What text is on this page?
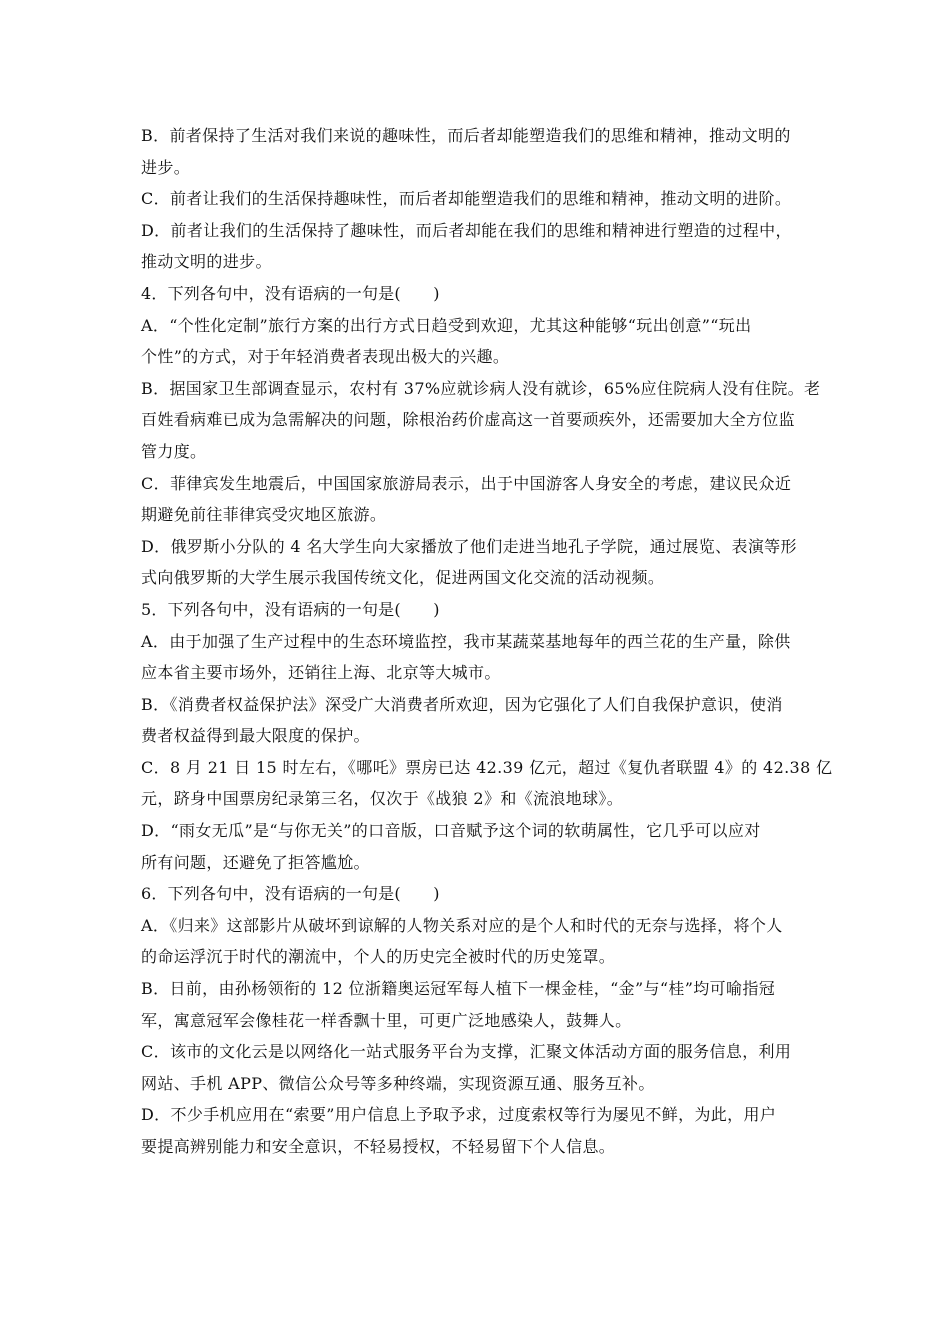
B．前者保持了生活对我们来说的趣味性，而后者却能塑造我们的思维和精神，推动文明的
进步。
C．前者让我们的生活保持趣味性，而后者却能塑造我们的思维和精神，推动文明的进阶。
D．前者让我们的生活保持了趣味性，而后者却能在我们的思维和精神进行塑造的过程中，
推动文明的进步。
4．下列各句中，没有语病的一句是(　　)
A．“个性化定制”旅行方案的出行方式日趋受到欢迎，尤其这种能够“玩出创意”“玩出
个性”的方式，对于年轻消费者表现出极大的兴趣。
B．据国家卫生部调查显示，农村有 37%应就诊病人没有就诊，65%应住院病人没有住院。老
百姓看病难已成为急需解决的问题，除根治药价虚高这一首要顽疾外，还需要加大全方位监
管力度。
C．菲律宾发生地震后，中国国家旅游局表示，出于中国游客人身安全的考虑，建议民众近
期避免前往菲律宾受灾地区旅游。
D．俄罗斯小分队的 4 名大学生向大家播放了他们走进当地孔子学院，通过展览、表演等形
式向俄罗斯的大学生展示我国传统文化，促进两国文化交流的活动视频。
5．下列各句中，没有语病的一句是(　　)
A．由于加强了生产过程中的生态环境监控，我市某蔬菜基地每年的西兰花的生产量，除供
应本省主要市场外，还销往上海、北京等大城市。
B．《消费者权益保护法》深受广大消费者所欢迎，因为它强化了人们自我保护意识，使消
费者权益得到最大限度的保护。
C．8 月 21 日 15 时左右，《哪吒》票房已达 42.39 亿元，超过《复仇者联盟 4》的 42.38 亿
元，跻身中国票房纪录第三名，仅次于《战狼 2》和《流浪地球》。
D．“雨女无瓜”是“与你无关”的口音版，口音赋予这个词的软萌属性，它几乎可以应对
所有问题，还避免了拒答尴尬。
6．下列各句中，没有语病的一句是(　　)
A．《归来》这部影片从破坏到谅解的人物关系对应的是个人和时代的无奈与选择，将个人
的命运浮沉于时代的潮流中，个人的历史完全被时代的历史笼罩。
B．日前，由孙杨领衔的 12 位浙籍奥运冠军每人植下一棵金桂，“金”与“桂”均可喻指冠
军，寓意冠军会像桂花一样香飘十里，可更广泛地感染人，鼓舞人。
C．该市的文化云是以网络化一站式服务平台为支撑，汇聚文体活动方面的服务信息，利用
网站、手机 APP、微信公众号等多种终端，实现资源互通、服务互补。
D．不少手机应用在“索要”用户信息上予取予求，过度索权等行为屡见不鲜，为此，用户
要提高辨别能力和安全意识，不轻易授权，不轻易留下个人信息。
